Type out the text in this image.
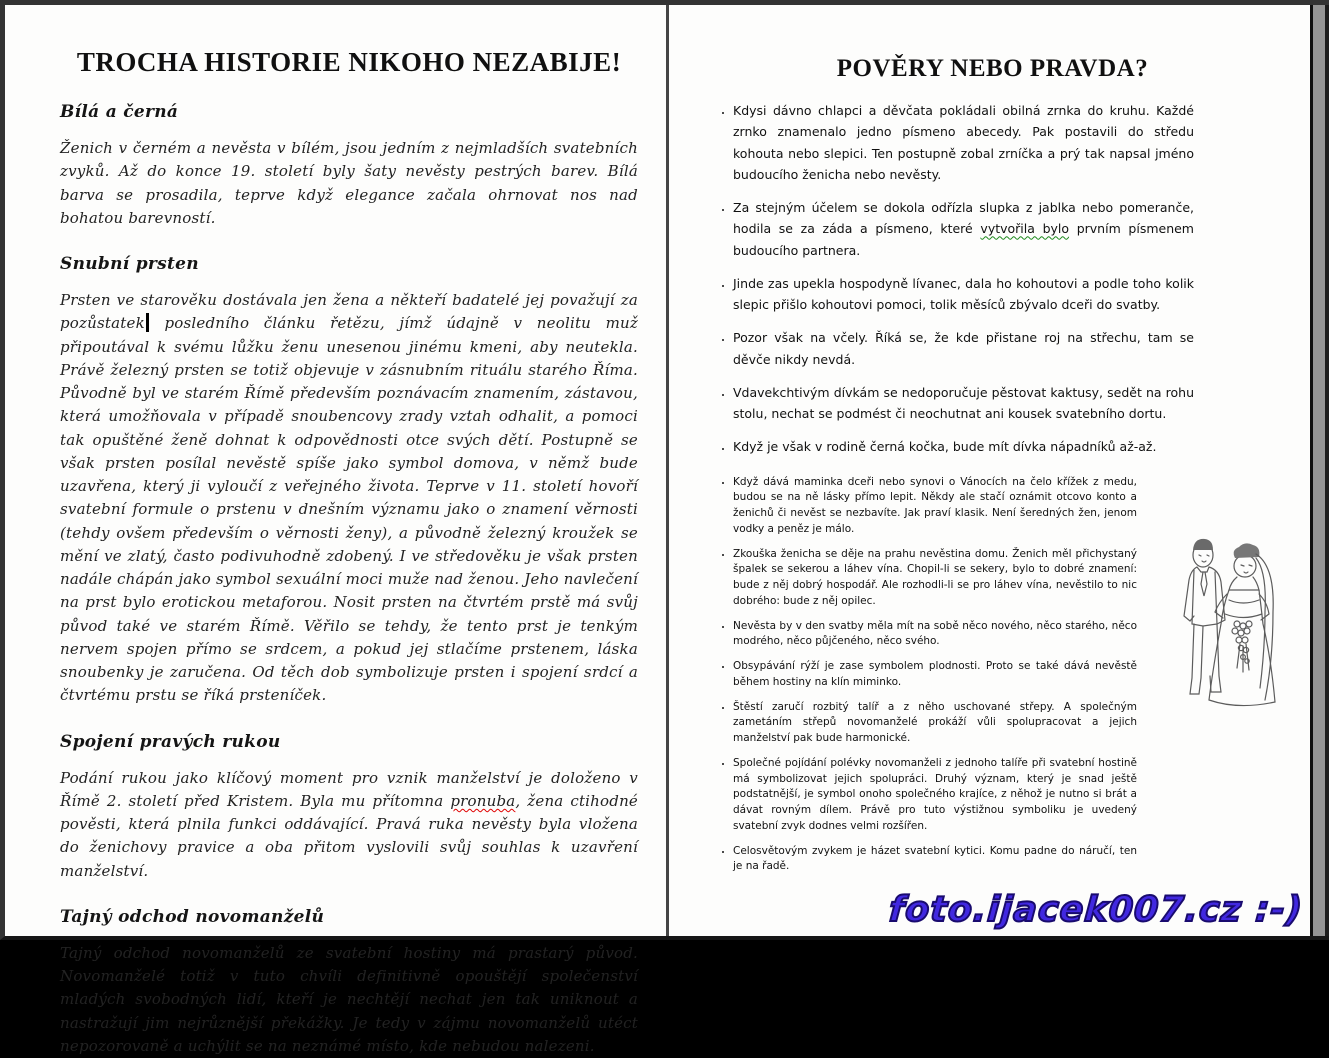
TROCHA HISTORIE NIKOHO NEZABIJE!
Bílá a černá

Ženich v černém a nevěsta v bílém, jsou jedním z nejmladších svatebních zvyků. Až do konce 19. století byly šaty nevěsty pestrých barev. Bílá barva se prosadila, teprve když elegance začala ohrnovat nos nad bohatou barevností.

Snubní prsten

Prsten ve starověku dostávala jen žena a někteří badatelé jej považují za pozůstatek posledního článku řetězu, jímž údajně v neolitu muž připoutával k svému lůžku ženu unesenou jinému kmeni, aby neutekla. Právě železný prsten se totiž objevuje v zásnubním rituálu starého Říma. Původně byl ve starém Římě především poznávacím znamením, zástavou, která umožňovala v případě snoubencovy zrady vztah odhalit, a pomoci tak opuštěné ženě dohnat k odpovědnosti otce svých dětí. Postupně se však prsten posílal nevěstě spíše jako symbol domova, v němž bude uzavřena, který ji vyloučí z veřejného života. Teprve v 11. století hovoří svatební formule o prstenu v dnešním významu jako o znamení věrnosti (tehdy ovšem především o věrnosti ženy), a původně železný kroužek se mění ve zlatý, často podivuhodně zdobený. I ve středověku je však prsten nadále chápán jako symbol sexuální moci muže nad ženou. Jeho navlečení na prst bylo erotickou metaforou. Nosit prsten na čtvrtém prstě má svůj původ také ve starém Římě. Věřilo se tehdy, že tento prst je tenkým nervem spojen přímo se srdcem, a pokud jej stlačíme prstenem, láska snoubenky je zaručena. Od těch dob symbolizuje prsten i spojení srdcí a čtvrtému prstu se říká prsteníček.

Spojení pravých rukou

Podání rukou jako klíčový moment pro vznik manželství je doloženo v Římě 2. století před Kristem. Byla mu přítomna pronuba, žena ctihodné pověsti, která plnila funkci oddávající. Pravá ruka nevěsty byla vložena do ženichovy pravice a oba přitom vyslovili svůj souhlas k uzavření manželství.

Tajný odchod novomanželů

Tajný odchod novomanželů ze svatební hostiny má prastarý původ. Novomanželé totiž v tuto chvíli definitivně opouštějí společenství mladých svobodných lidí, kteří je nechtějí nechat jen tak uniknout a nastražují jim nejrůznější překážky. Je tedy v zájmu novomanželů utéct nepozorovaně a uchýlit se na neznámé místo, kde nebudou nalezeni.

POVĚRY NEBO PRAVDA?
• Kdysi dávno chlapci a děvčata pokládali obilná zrnka do kruhu. Každé zrnko znamenalo jedno písmeno abecedy. Pak postavili do středu kohouta nebo slepici. Ten postupně zobal zrníčka a prý tak napsal jméno budoucího ženicha nebo nevěsty.
• Za stejným účelem se dokola odřízla slupka z jablka nebo pomeranče, hodila se za záda a písmeno, které vytvořila bylo prvním písmenem budoucího partnera.
• Jinde zas upekla hospodyně lívanec, dala ho kohoutovi a podle toho kolik slepic přišlo kohoutovi pomoci, tolik měsíců zbývalo dceři do svatby.
• Pozor však na včely. Říká se, že kde přistane roj na střechu, tam se děvče nikdy nevdá.
• Vdavekchtivým dívkám se nedoporučuje pěstovat kaktusy, sedět na rohu stolu, nechat se podmést či neochutnat ani kousek svatebního dortu.
• Když je však v rodině černá kočka, bude mít dívka nápadníků až-až.
• Když dává maminka dceři nebo synovi o Vánocích na čelo křížek z medu, budou se na ně lásky přímo lepit. Někdy ale stačí oznámit otcovo konto a ženichů či nevěst se nezbavíte. Jak praví klasik. Není šeredných žen, jenom vodky a peněz je málo.
• Zkouška ženicha se děje na prahu nevěstina domu. Ženich měl přichystaný špalek se sekerou a láhev vína. Chopil-li se sekery, bylo to dobré znamení: bude z něj dobrý hospodář. Ale rozhodli-li se pro láhev vína, nevěstilo to nic dobrého: bude z něj opilec.
• Nevěsta by v den svatby měla mít na sobě něco nového, něco starého, něco modrého, něco půjčeného, něco svého.
• Obsypávání rýží je zase symbolem plodnosti. Proto se také dává nevěstě během hostiny na klín miminko.
• Štěstí zaručí rozbitý talíř a z něho uschované střepy. A společným zametáním střepů novomanželé prokáží vůli spolupracovat a jejich manželství pak bude harmonické.
• Společné pojídání polévky novomanželi z jednoho talíře při svatební hostině má symbolizovat jejich spolupráci. Druhý význam, který je snad ještě podstatnější, je symbol onoho společného krajíce, z něhož je nutno si brát a dávat rovným dílem. Právě pro tuto výstižnou symboliku je uvedený svatební zvyk dodnes velmi rozšířen.
• Celosvětovým zvykem je házet svatební kytici. Komu padne do náručí, ten je na řadě.
foto.ijacek007.cz :-)
